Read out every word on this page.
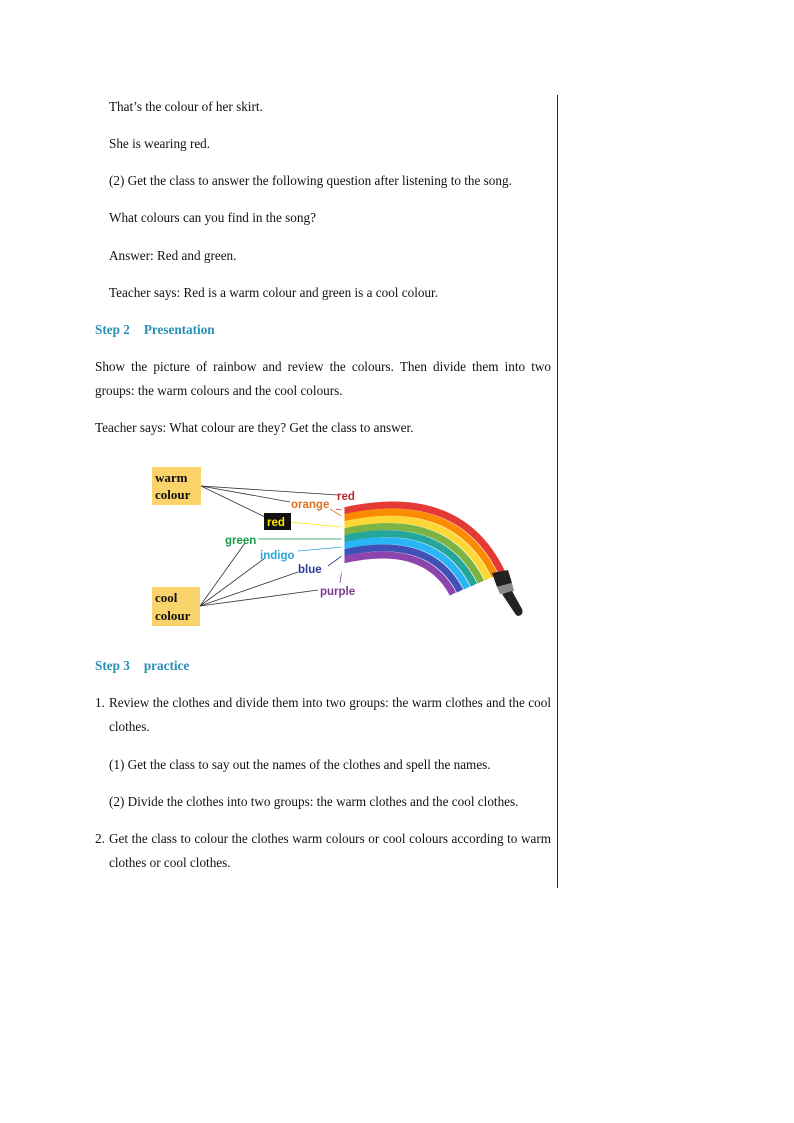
That’s the colour of her skirt.
She is wearing red.
(2) Get the class to answer the following question after listening to the song.
What colours can you find in the song?
Answer: Red and green.
Teacher says: Red is a warm colour and green is a cool colour.
Step 2 Presentation
Show the picture of rainbow and review the colours. Then divide them into two groups: the warm colours and the cool colours.
Teacher says: What colour are they? Get the class to answer.
warm
colour
cool
colour
red
orange
red
green
indigo
blue
purple
Step 3 practice
1. Review the clothes and divide them into two groups: the warm clothes and the cool clothes.
(1) Get the class to say out the names of the clothes and spell the names.
(2) Divide the clothes into two groups: the warm clothes and the cool clothes.
2. Get the class to colour the clothes warm colours or cool colours according to warm clothes or cool clothes.
